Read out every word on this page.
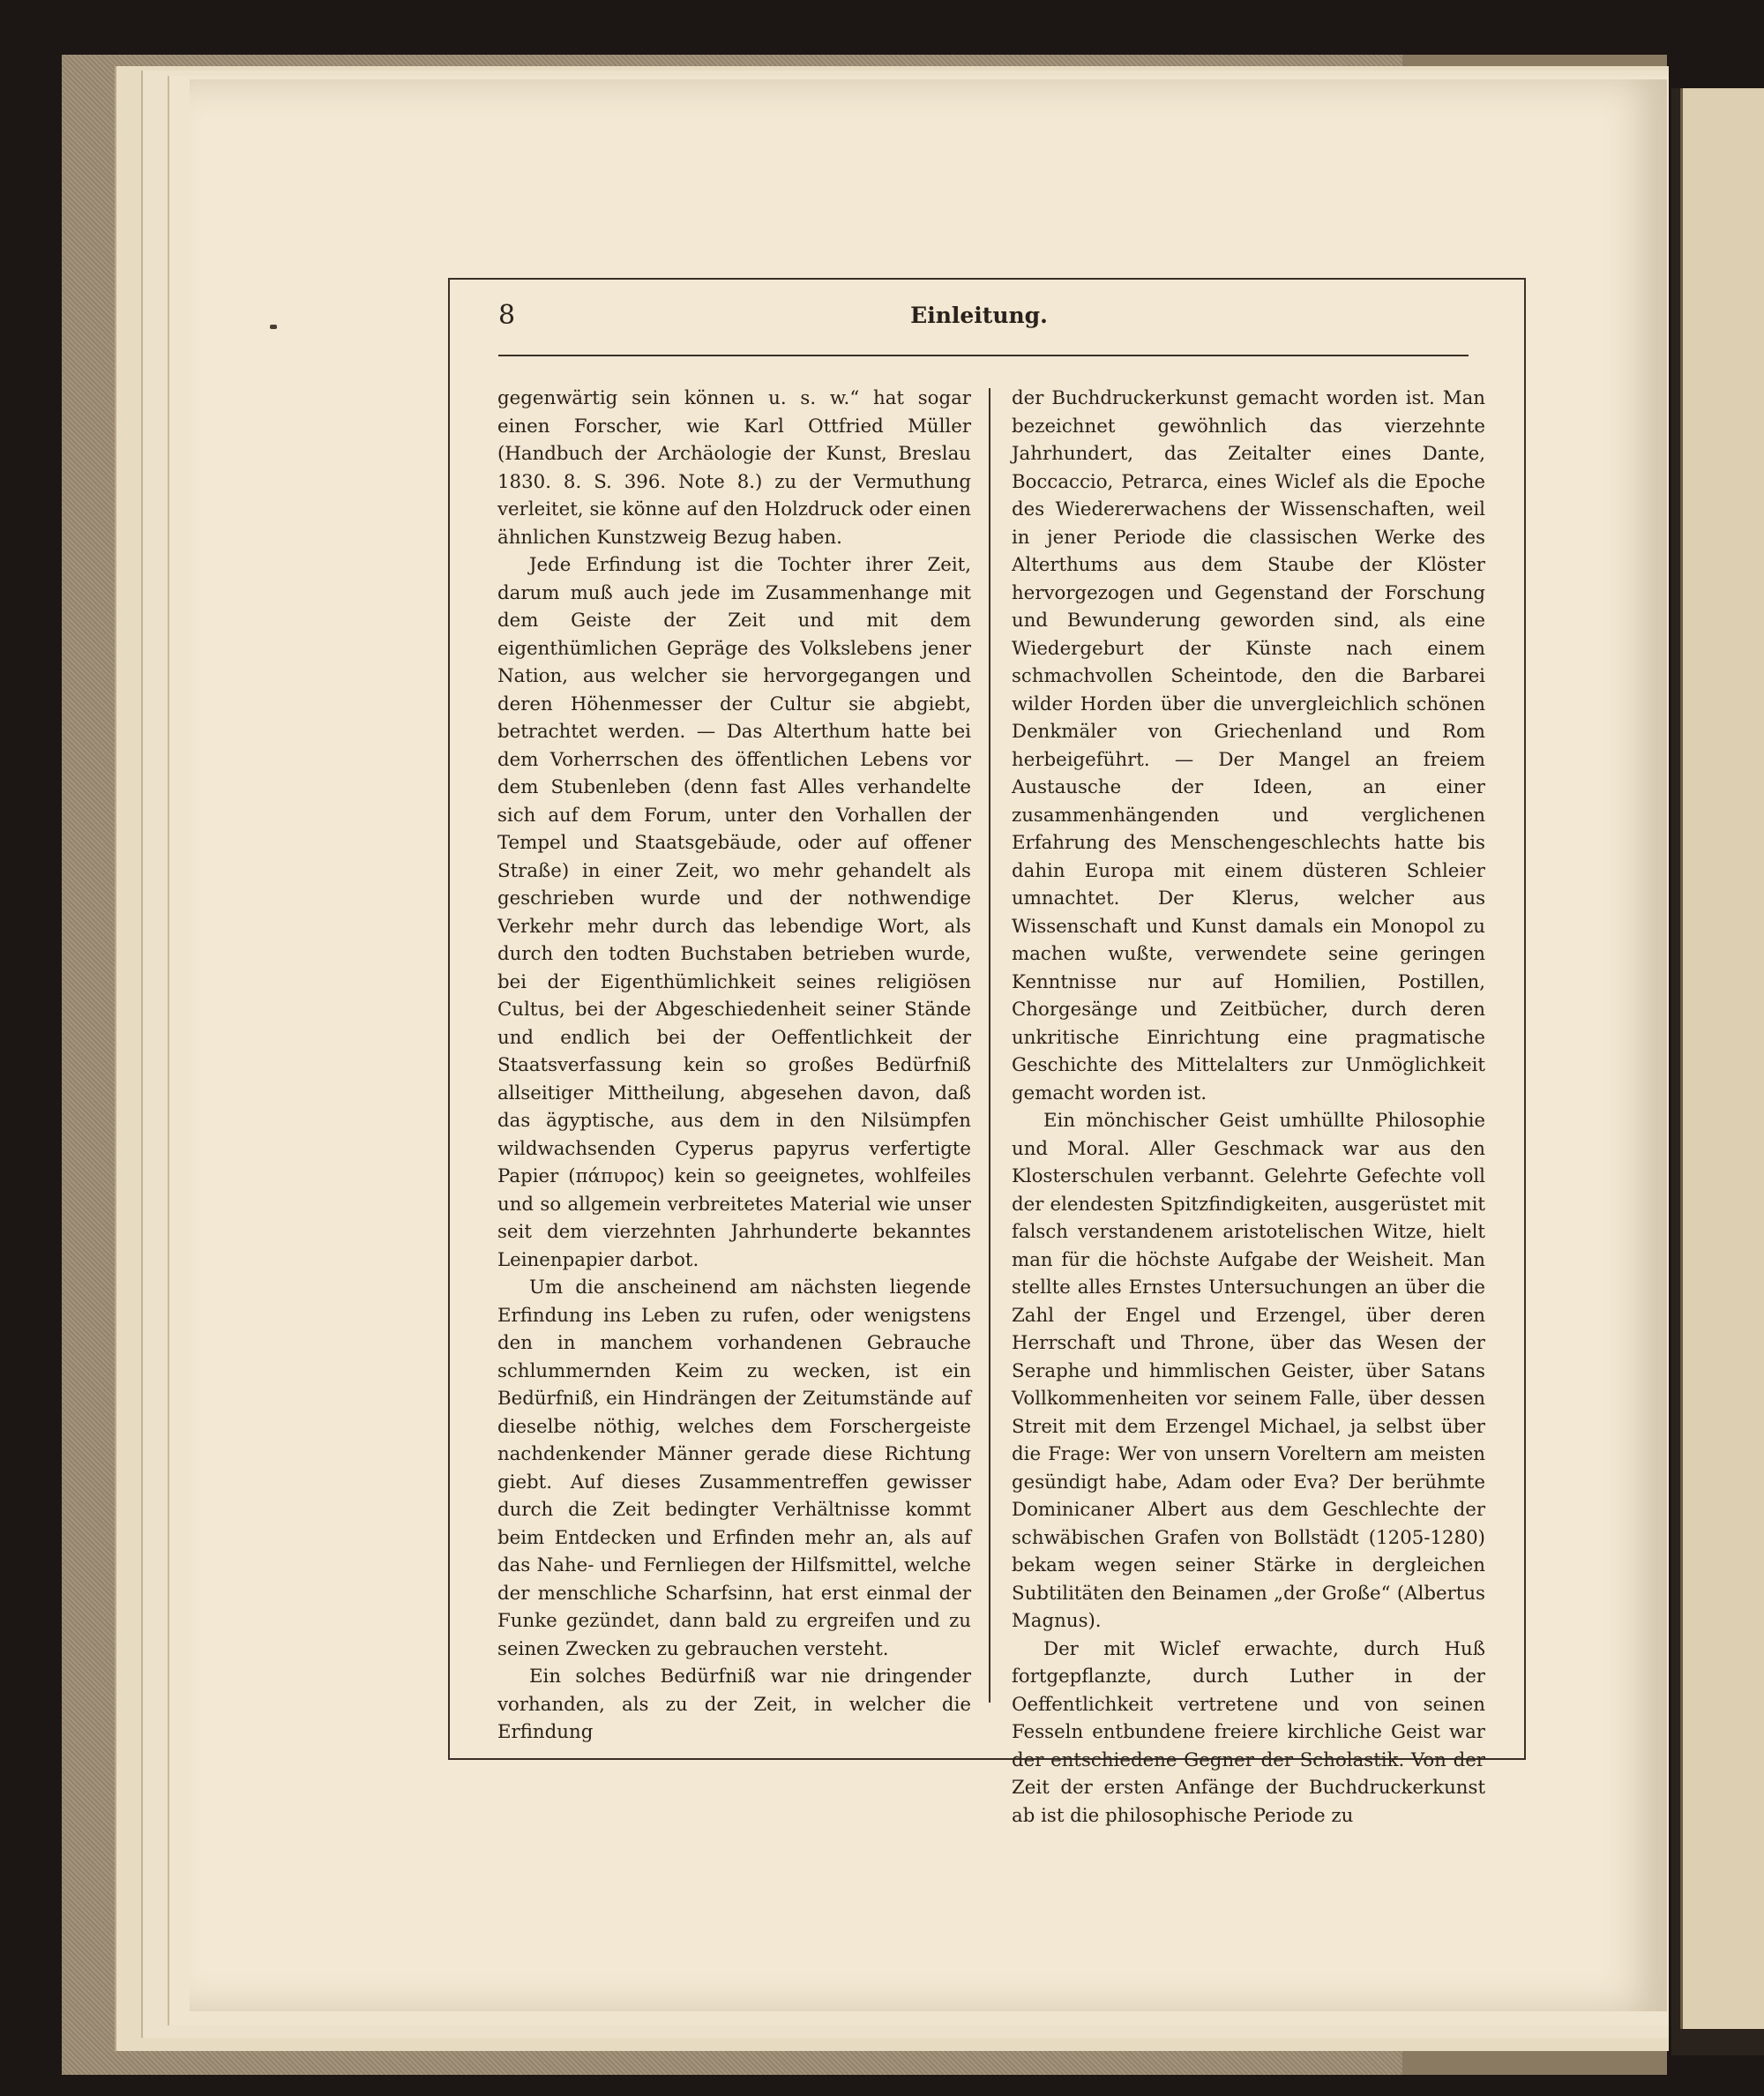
8	Einleitung.

gegenwärtig sein können u. s. w.“ hat sogar einen Forscher, wie Karl Ottfried Müller (Handbuch der Archäologie der Kunst, Breslau 1830. 8. S. 396. Note 8.) zu der Vermuthung verleitet, sie könne auf den Holzdruck oder einen ähnlichen Kunstzweig Bezug haben.

Jede Erfindung ist die Tochter ihrer Zeit, darum muß auch jede im Zusammenhange mit dem Geiste der Zeit und mit dem eigenthümlichen Gepräge des Volkslebens jener Nation, aus welcher sie hervorgegangen und deren Höhenmesser der Cultur sie abgiebt, betrachtet werden. — Das Alterthum hatte bei dem Vorherrschen des öffentlichen Lebens vor dem Stubenleben (denn fast Alles verhandelte sich auf dem Forum, unter den Vorhallen der Tempel und Staatsgebäude, oder auf offener Straße) in einer Zeit, wo mehr gehandelt als geschrieben wurde und der nothwendige Verkehr mehr durch das lebendige Wort, als durch den todten Buchstaben betrieben wurde, bei der Eigenthümlichkeit seines religiösen Cultus, bei der Abgeschiedenheit seiner Stände und endlich bei der Oeffentlichkeit der Staatsverfassung kein so großes Bedürfniß allseitiger Mittheilung, abgesehen davon, daß das ägyptische, aus dem in den Nilsümpfen wildwachsenden Cyperus papyrus verfertigte Papier (πάπυρος) kein so geeignetes, wohlfeiles und so allgemein verbreitetes Material wie unser seit dem vierzehnten Jahrhunderte bekanntes Leinenpapier darbot.

Um die anscheinend am nächsten liegende Erfindung ins Leben zu rufen, oder wenigstens den in manchem vorhandenen Gebrauche schlummernden Keim zu wecken, ist ein Bedürfniß, ein Hindrängen der Zeitumstände auf dieselbe nöthig, welches dem Forschergeiste nachdenkender Männer gerade diese Richtung giebt. Auf dieses Zusammentreffen gewisser durch die Zeit bedingter Verhältnisse kommt beim Entdecken und Erfinden mehr an, als auf das Nahe- und Fernliegen der Hilfsmittel, welche der menschliche Scharfsinn, hat erst einmal der Funke gezündet, dann bald zu ergreifen und zu seinen Zwecken zu gebrauchen versteht.

Ein solches Bedürfniß war nie dringender vorhanden, als zu der Zeit, in welcher die Erfindung

der Buchdruckerkunst gemacht worden ist. Man bezeichnet gewöhnlich das vierzehnte Jahrhundert, das Zeitalter eines Dante, Boccaccio, Petrarca, eines Wiclef als die Epoche des Wiedererwachens der Wissenschaften, weil in jener Periode die classischen Werke des Alterthums aus dem Staube der Klöster hervorgezogen und Gegenstand der Forschung und Bewunderung geworden sind, als eine Wiedergeburt der Künste nach einem schmachvollen Scheintode, den die Barbarei wilder Horden über die unvergleichlich schönen Denkmäler von Griechenland und Rom herbeigeführt. — Der Mangel an freiem Austausche der Ideen, an einer zusammenhängenden und verglichenen Erfahrung des Menschengeschlechts hatte bis dahin Europa mit einem düsteren Schleier umnachtet. Der Klerus, welcher aus Wissenschaft und Kunst damals ein Monopol zu machen wußte, verwendete seine geringen Kenntnisse nur auf Homilien, Postillen, Chorgesänge und Zeitbücher, durch deren unkritische Einrichtung eine pragmatische Geschichte des Mittelalters zur Unmöglichkeit gemacht worden ist.

Ein mönchischer Geist umhüllte Philosophie und Moral. Aller Geschmack war aus den Klosterschulen verbannt. Gelehrte Gefechte voll der elendesten Spitzfindigkeiten, ausgerüstet mit falsch verstandenem aristotelischen Witze, hielt man für die höchste Aufgabe der Weisheit. Man stellte alles Ernstes Untersuchungen an über die Zahl der Engel und Erzengel, über deren Herrschaft und Throne, über das Wesen der Seraphe und himmlischen Geister, über Satans Vollkommenheiten vor seinem Falle, über dessen Streit mit dem Erzengel Michael, ja selbst über die Frage: Wer von unsern Voreltern am meisten gesündigt habe, Adam oder Eva? Der berühmte Dominicaner Albert aus dem Geschlechte der schwäbischen Grafen von Bollstädt (1205-1280) bekam wegen seiner Stärke in dergleichen Subtilitäten den Beinamen „der Große“ (Albertus Magnus).

Der mit Wiclef erwachte, durch Huß fortgepflanzte, durch Luther in der Oeffentlichkeit vertretene und von seinen Fesseln entbundene freiere kirchliche Geist war der entschiedene Gegner der Scholastik. Von der Zeit der ersten Anfänge der Buchdruckerkunst ab ist die philosophische Periode zu
